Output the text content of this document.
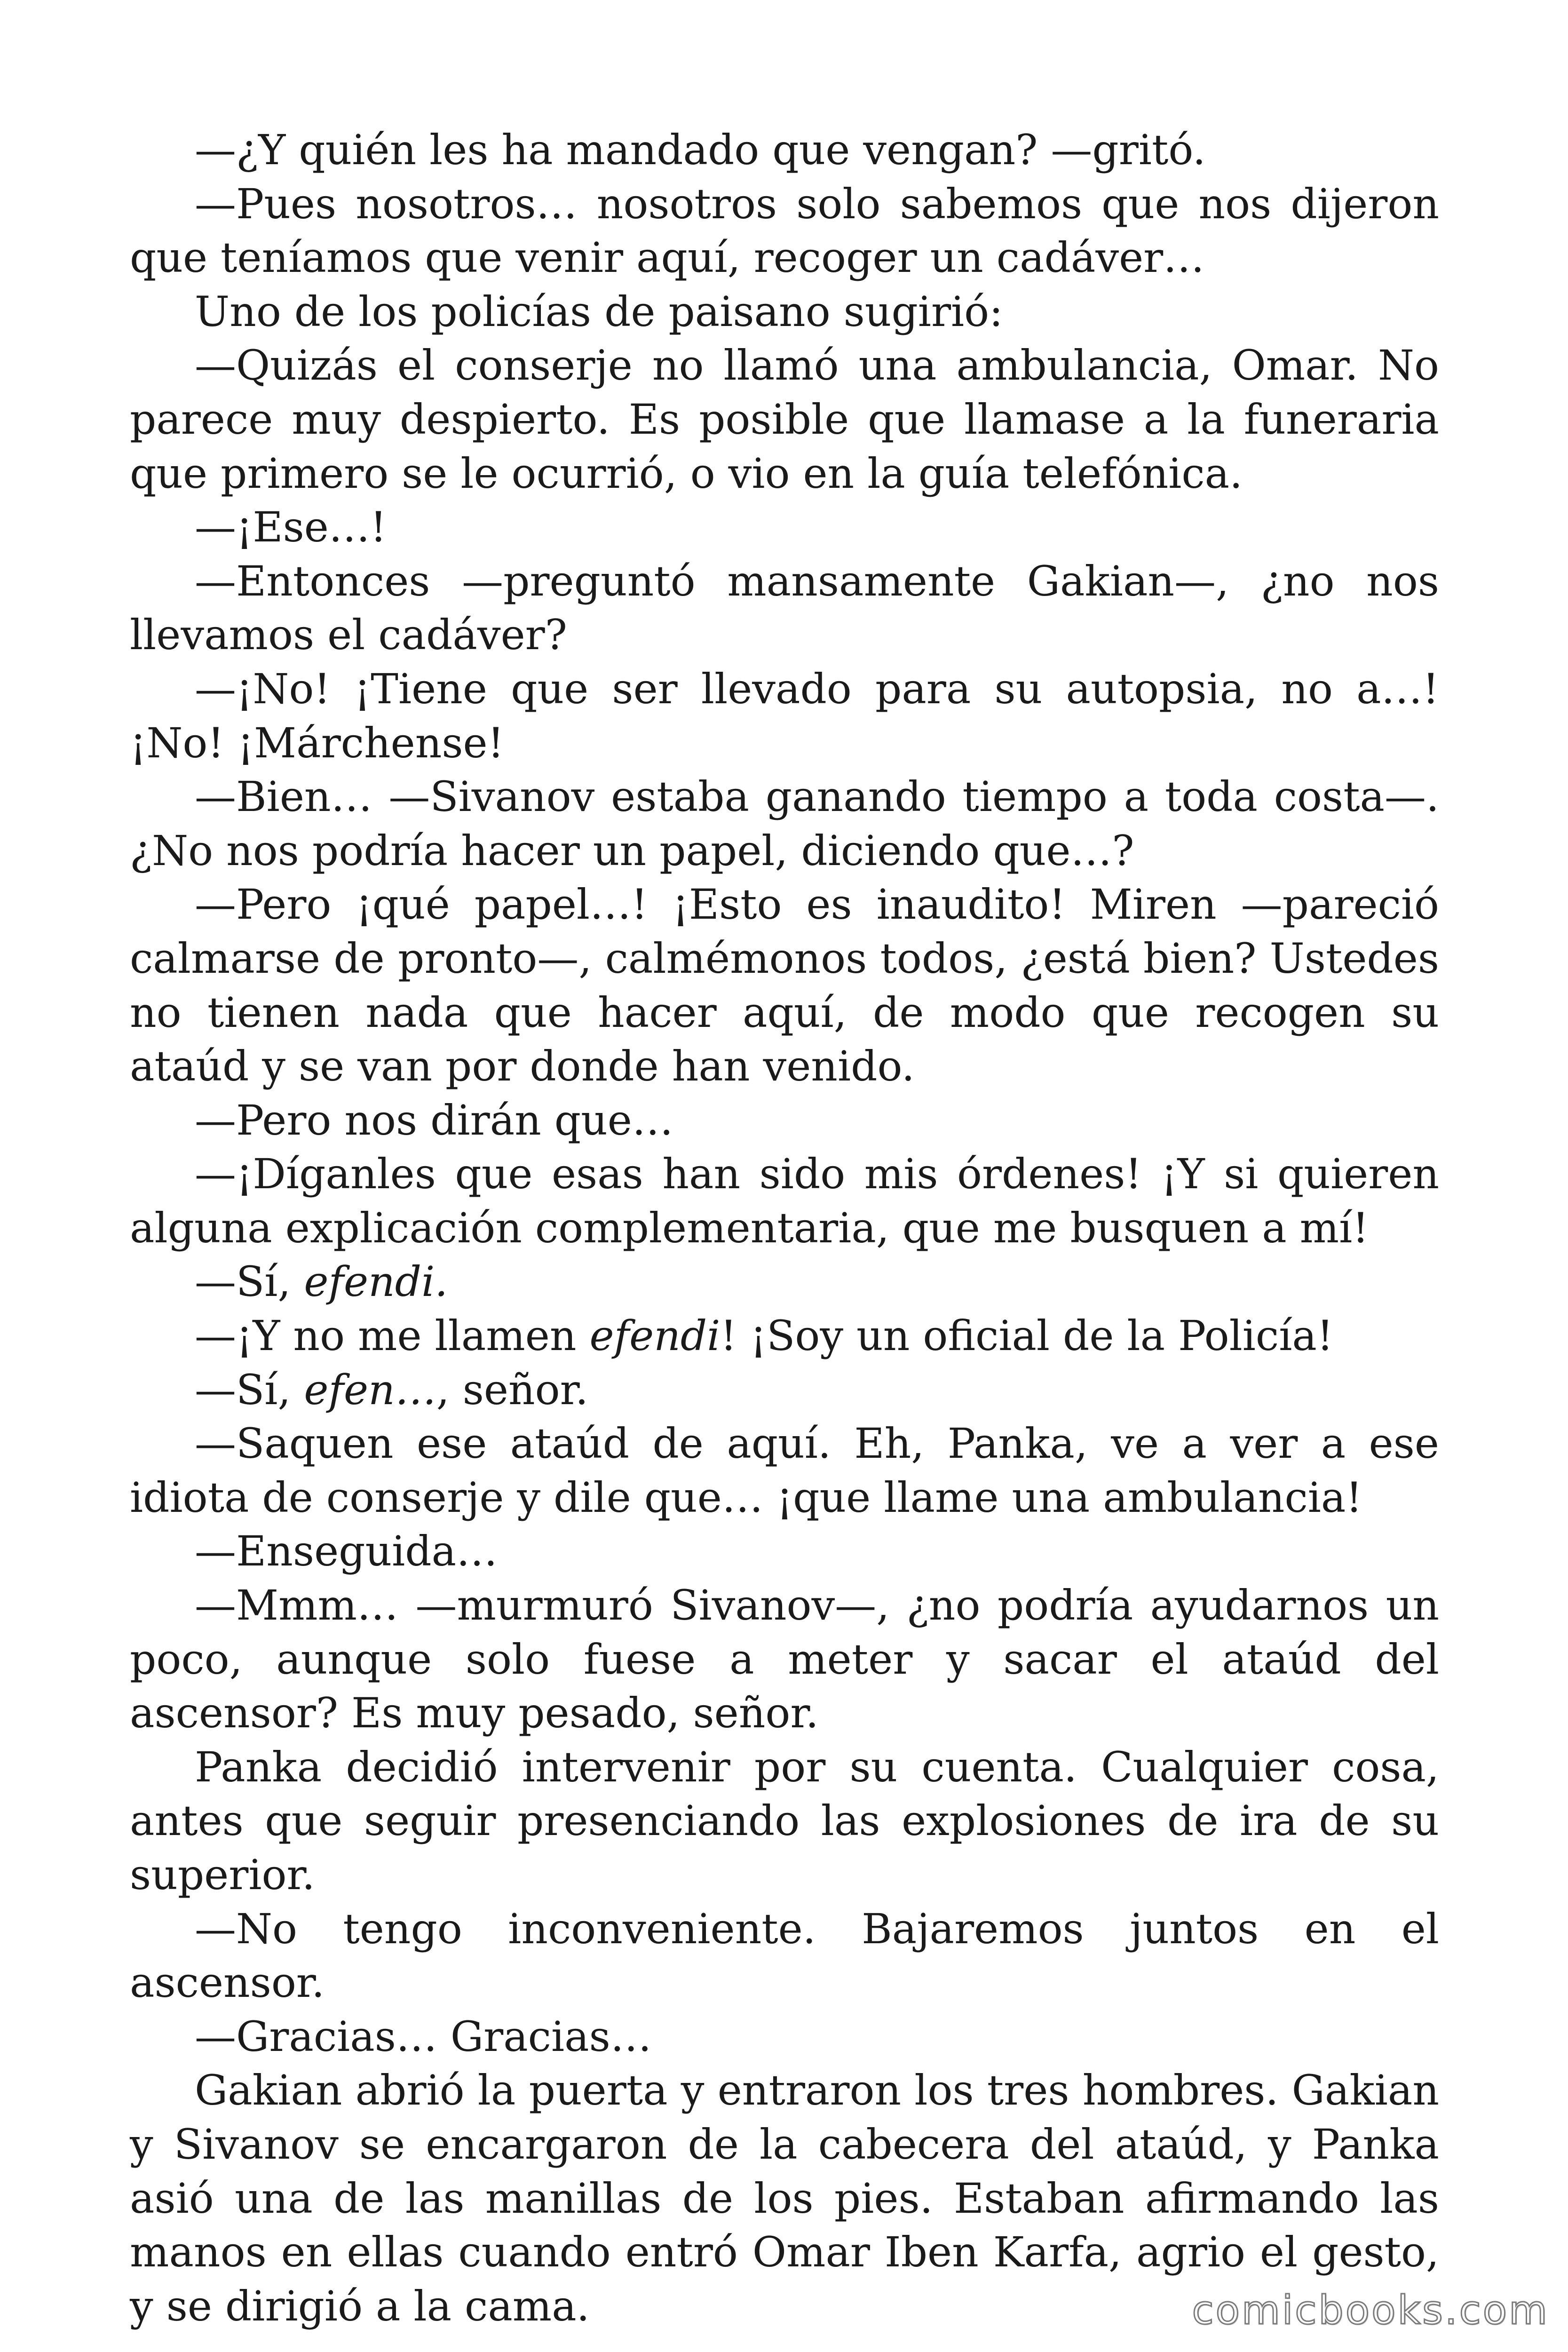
—¿Y quién les ha mandado que vengan? —gritó.

—Pues nosotros… nosotros solo sabemos que nos dijeron que teníamos que venir aquí, recoger un cadáver…

Uno de los policías de paisano sugirió:

—Quizás el conserje no llamó una ambulancia, Omar. No parece muy despierto. Es posible que llamase a la funeraria que primero se le ocurrió, o vio en la guía telefónica.

—¡Ese…!

—Entonces —preguntó mansamente Gakian—, ¿no nos llevamos el cadáver?

—¡No! ¡Tiene que ser llevado para su autopsia, no a…! ¡No! ¡Márchense!

—Bien… —Sivanov estaba ganando tiempo a toda costa—. ¿No nos podría hacer un papel, diciendo que…?

—Pero ¡qué papel…! ¡Esto es inaudito! Miren —pareció calmarse de pronto—, calmémonos todos, ¿está bien? Ustedes no tienen nada que hacer aquí, de modo que recogen su ataúd y se van por donde han venido.

—Pero nos dirán que…

—¡Díganles que esas han sido mis órdenes! ¡Y si quieren alguna explicación complementaria, que me busquen a mí!

—Sí, efendi.

—¡Y no me llamen efendi! ¡Soy un oficial de la Policía!

—Sí, efen…, señor.

—Saquen ese ataúd de aquí. Eh, Panka, ve a ver a ese idiota de conserje y dile que… ¡que llame una ambulancia!

—Enseguida…

—Mmm… —murmuró Sivanov—, ¿no podría ayudarnos un poco, aunque solo fuese a meter y sacar el ataúd del ascensor? Es muy pesado, señor.

Panka decidió intervenir por su cuenta. Cualquier cosa, antes que seguir presenciando las explosiones de ira de su superior.

—No tengo inconveniente. Bajaremos juntos en el ascensor.

—Gracias… Gracias…

Gakian abrió la puerta y entraron los tres hombres. Gakian y Sivanov se encargaron de la cabecera del ataúd, y Panka asió una de las manillas de los pies. Estaban afirmando las manos en ellas cuando entró Omar Iben Karfa, agrio el gesto, y se dirigió a la cama.	comicbooks.com
